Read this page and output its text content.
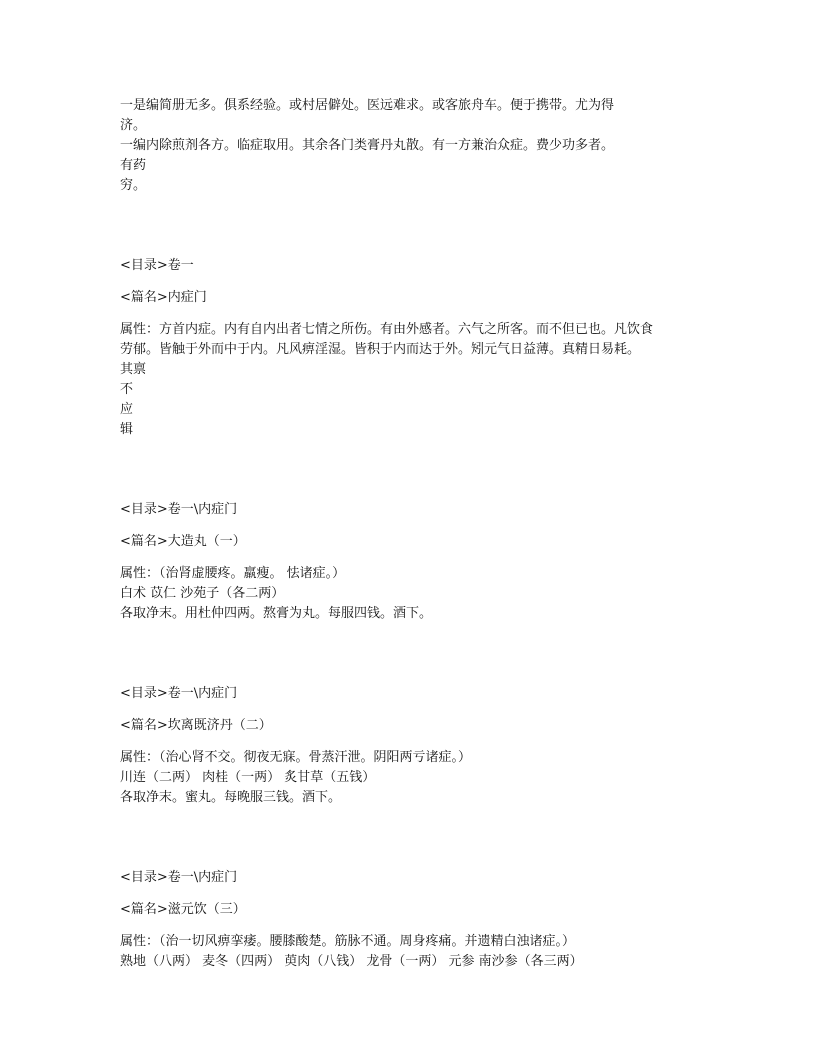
一是编简册无多。俱系经验。或村居僻处。医远难求。或客旅舟车。便于携带。尤为得
济。
一编内除煎剂各方。临症取用。其余各门类膏丹丸散。有一方兼治众症。费少功多者。
有药
穷。
<目录>卷一
<篇名>内症门
属性：方首内症。内有自内出者七情之所伤。有由外感者。六气之所客。而不但已也。凡饮食
劳郁。皆触于外而中于内。凡风痹淫湿。皆积于内而达于外。矧元气日益薄。真精日易耗。
其禀
不
应
辑
<目录>卷一\内症门
<篇名>大造丸（一）
属性：（治肾虚腰疼。羸瘦。 怯诸症。）
白术 苡仁 沙苑子（各二两）
各取净末。用杜仲四两。熬膏为丸。每服四钱。酒下。
<目录>卷一\内症门
<篇名>坎离既济丹（二）
属性：（治心肾不交。彻夜无寐。骨蒸汗泄。阴阳两亏诸症。）
川连（二两） 肉桂（一两） 炙甘草（五钱）
各取净末。蜜丸。每晚服三钱。酒下。
<目录>卷一\内症门
<篇名>滋元饮（三）
属性：（治一切风痹挛痿。腰膝酸楚。筋脉不通。周身疼痛。并遗精白浊诸症。）
熟地（八两） 麦冬（四两） 萸肉（八钱） 龙骨（一两） 元参 南沙参（各三两）
